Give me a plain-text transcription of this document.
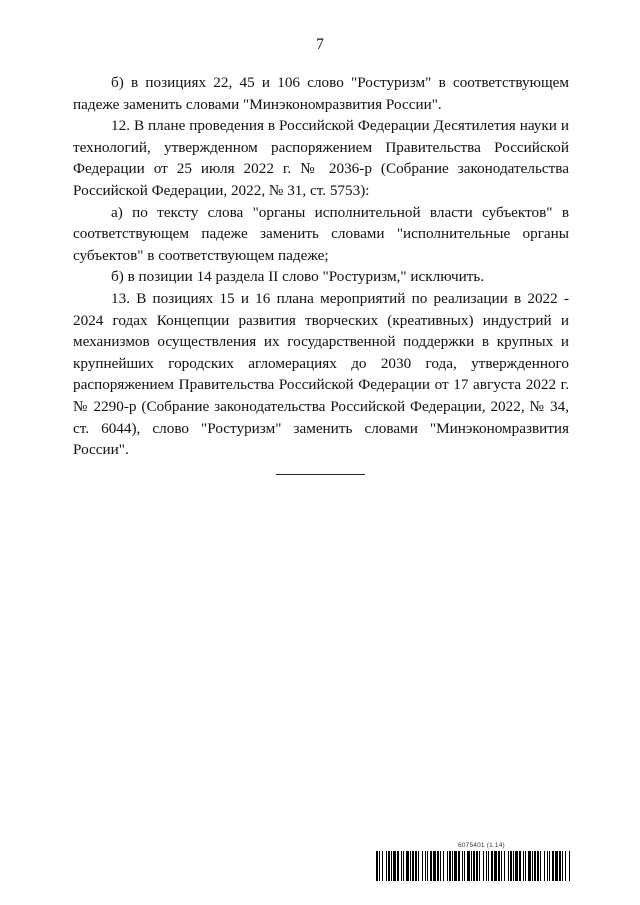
7

б) в позициях 22, 45 и 106 слово "Ростуризм" в соответствующем падеже заменить словами "Минэкономразвития России".

12. В плане проведения в Российской Федерации Десятилетия науки и технологий, утвержденном распоряжением Правительства Российской Федерации от 25 июля 2022 г. № 2036-р (Собрание законодательства Российской Федерации, 2022, № 31, ст. 5753):

а) по тексту слова "органы исполнительной власти субъектов" в соответствующем падеже заменить словами "исполнительные органы субъектов" в соответствующем падеже;

б) в позиции 14 раздела II слово "Ростуризм," исключить.

13. В позициях 15 и 16 плана мероприятий по реализации в 2022 - 2024 годах Концепции развития творческих (креативных) индустрий и механизмов осуществления их государственной поддержки в крупных и крупнейших городских агломерациях до 2030 года, утвержденного распоряжением Правительства Российской Федерации от 17 августа 2022 г. № 2290-р (Собрание законодательства Российской Федерации, 2022, № 34, ст. 6044), слово "Ростуризм" заменить словами "Минэкономразвития России".

6075401 (1.14)
